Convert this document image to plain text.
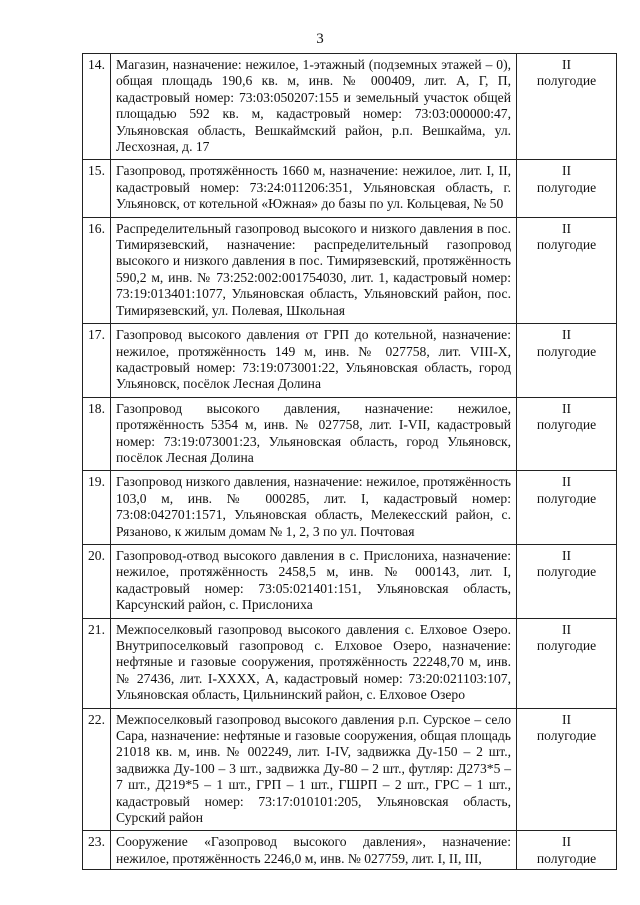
3
14.	Магазин, назначение: нежилое, 1-этажный (подземных этажей – 0), общая площадь 190,6 кв. м, инв. № 000409, лит. А, Г, П, кадастровый номер: 73:03:050207:155 и земельный участок общей площадью 592 кв. м, кадастровый номер: 73:03:000000:47, Ульяновская область, Вешкаймский район, р.п. Вешкайма, ул. Лесхозная, д. 17	II
полугодие

15.	Газопровод, протяжённость 1660 м, назначение: нежилое, лит. I, II, кадастровый номер: 73:24:011206:351, Ульяновская область, г. Ульяновск, от котельной «Южная» до базы по ул. Кольцевая, № 50	II
полугодие

16.	Распределительный газопровод высокого и низкого давления в пос. Тимирязевский, назначение: распределительный газопровод высокого и низкого давления в пос. Тимирязевский, протяжённость 590,2 м, инв. № 73:252:002:001754030, лит. 1, кадастровый номер: 73:19:013401:1077, Ульяновская область, Ульяновский район, пос. Тимирязевский, ул. Полевая, Школьная	II
полугодие

17.	Газопровод высокого давления от ГРП до котельной, назначение: нежилое, протяжённость 149 м, инв. № 027758, лит. VIII-X, кадастровый номер: 73:19:073001:22, Ульяновская область, город Ульяновск, посёлок Лесная Долина	II
полугодие

18.	Газопровод высокого давления, назначение: нежилое, протяжённость 5354 м, инв. № 027758, лит. I-VII, кадастровый номер: 73:19:073001:23, Ульяновская область, город Ульяновск, посёлок Лесная Долина	II
полугодие

19.	Газопровод низкого давления, назначение: нежилое, протяжённость 103,0 м, инв. № 000285, лит. I, кадастровый номер: 73:08:042701:1571, Ульяновская область, Мелекесский район, с. Рязаново, к жилым домам № 1, 2, 3 по ул. Почтовая	II
полугодие

20.	Газопровод-отвод высокого давления в с. Прислониха, назначение: нежилое, протяжённость 2458,5 м, инв. № 000143, лит. I, кадастровый номер: 73:05:021401:151, Ульяновская область, Карсунский район, с. Прислониха	II
полугодие

21.	Межпоселковый газопровод высокого давления с. Елховое Озеро. Внутрипоселковый газопровод с. Елховое Озеро, назначение: нефтяные и газовые сооружения, протяжённость 22248,70 м, инв. № 27436, лит. I-XXXX, А, кадастровый номер: 73:20:021103:107, Ульяновская область, Цильнинский район, с. Елховое Озеро	II
полугодие

22.	Межпоселковый газопровод высокого давления р.п. Сурское – село Сара, назначение: нефтяные и газовые сооружения, общая площадь 21018 кв. м, инв. № 002249, лит. I-IV, задвижка Ду-150 – 2 шт., задвижка Ду-100 – 3 шт., задвижка Ду-80 – 2 шт., футляр: Д273*5 – 7 шт., Д219*5 – 1 шт., ГРП – 1 шт., ГШРП – 2 шт., ГРС – 1 шт., кадастровый номер: 73:17:010101:205, Ульяновская область, Сурский район	II
полугодие

23.	Сооружение «Газопровод высокого давления», назначение: нежилое, протяжённость 2246,0 м, инв. № 027759, лит. I, II, III,	II
полугодие
